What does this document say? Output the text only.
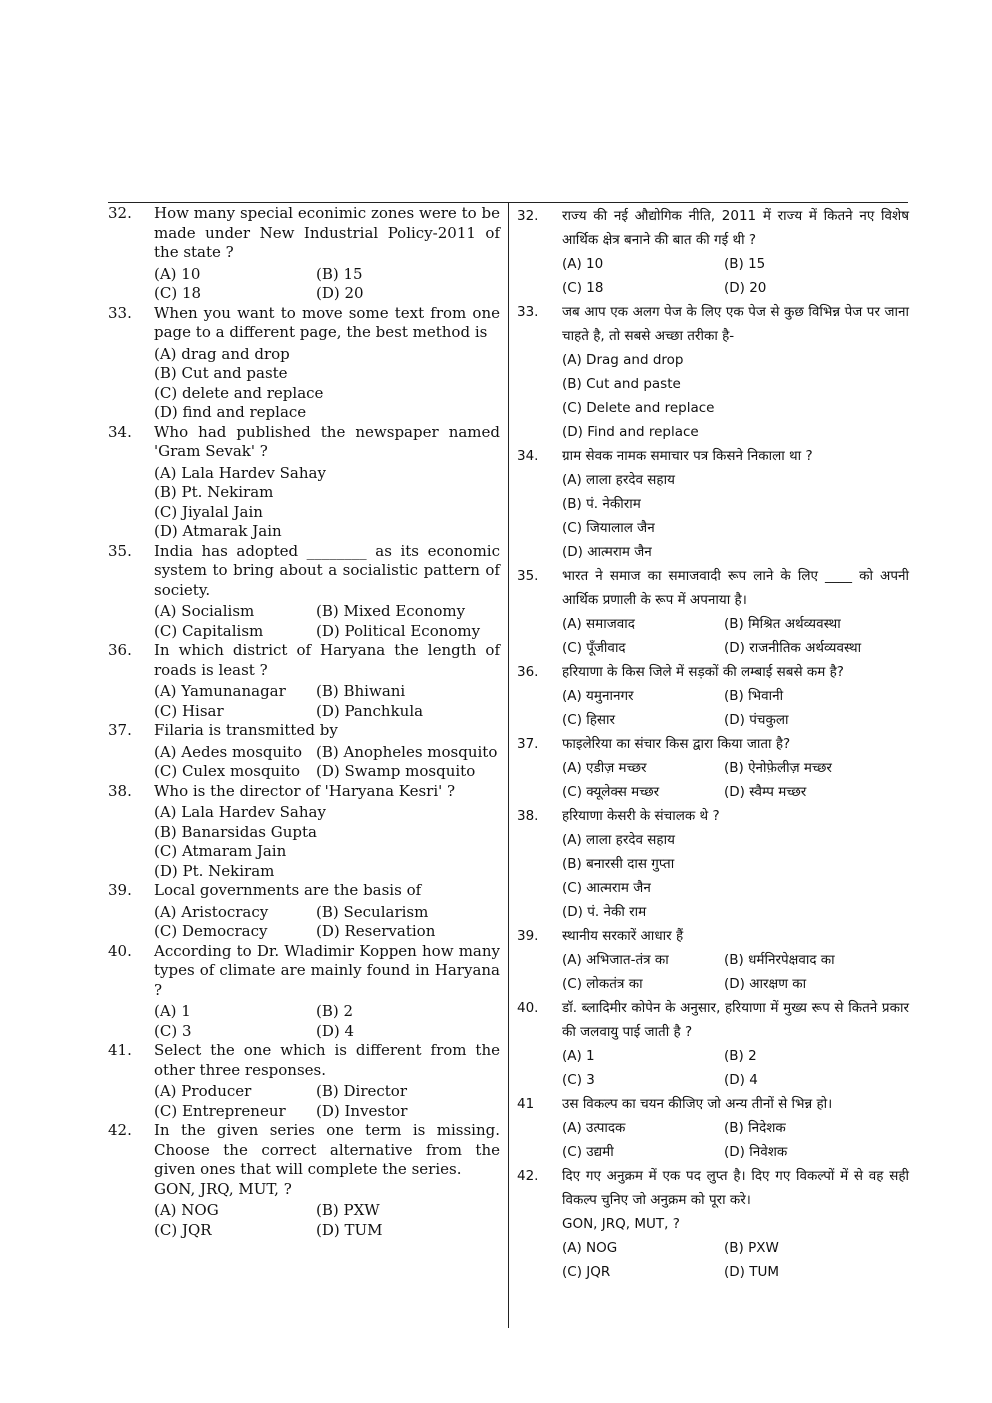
32. How many special econimic zones were to be made under New Industrial Policy-2011 of the state ?
(A) 10	(B) 15
(C) 18	(D) 20
33. When you want to move some text from one page to a different page, the best method is
(A) drag and drop
(B) Cut and paste
(C) delete and replace
(D) find and replace
34. Who had published the newspaper named 'Gram Sevak' ?
(A) Lala Hardev Sahay
(B) Pt. Nekiram
(C) Jiyalal Jain
(D) Atmarak Jain
35. India has adopted ________ as its economic system to bring about a socialistic pattern of society.
(A) Socialism	(B) Mixed Economy
(C) Capitalism	(D) Political Economy
36. In which district of Haryana the length of roads is least ?
(A) Yamunanagar	(B) Bhiwani
(C) Hisar	(D) Panchkula
37. Filaria is transmitted by
(A) Aedes mosquito (B) Anopheles mosquito
(C) Culex mosquito	(D) Swamp mosquito
38. Who is the director of 'Haryana Kesri' ?
(A) Lala Hardev Sahay
(B) Banarsidas Gupta
(C) Atmaram Jain
(D) Pt. Nekiram
39. Local governments are the basis of
(A) Aristocracy	(B) Secularism
(C) Democracy	(D) Reservation
40. According to Dr. Wladimir Koppen how many types of climate are mainly found in Haryana ?
(A) 1	(B) 2
(C) 3	(D) 4
41. Select the one which is different from the other three responses.
(A) Producer	(B) Director
(C) Entrepreneur	(D) Investor
42. In the given series one term is missing. Choose the correct alternative from the given ones that will complete the series.
GON, JRQ, MUT, ?
(A) NOG	(B) PXW
(C) JQR	(D) TUM
32. राज्य की नई औद्योगिक नीति, 2011 में राज्य में कितने नए विशेष आर्थिक क्षेत्र बनाने की बात की गई थी ?
(A) 10	(B) 15
(C) 18	(D) 20
33. जब आप एक अलग पेज के लिए एक पेज से कुछ विभिन्न पेज पर जाना चाहते है, तो सबसे अच्छा तरीका है-
(A) Drag and drop
(B) Cut and paste
(C) Delete and replace
(D) Find and replace
34. ग्राम सेवक नामक समाचार पत्र किसने निकाला था ?
(A) लाला हरदेव सहाय
(B) पं. नेकीराम
(C) जियालाल जैन
(D) आत्मराम जैन
35. भारत ने समाज का समाजवादी रूप लाने के लिए ____ को अपनी आर्थिक प्रणाली के रूप में अपनाया है।
(A) समाजवाद	(B) मिश्रित अर्थव्यवस्था
(C) पूँजीवाद	(D) राजनीतिक अर्थव्यवस्था
36. हरियाणा के किस जिले में सड़कों की लम्बाई सबसे कम है?
(A) यमुनानगर	(B) भिवानी
(C) हिसार	(D) पंचकुला
37. फाइलेरिया का संचार किस द्वारा किया जाता है?
(A) एडीज़ मच्छर	(B) ऐनोफ़ेलीज़ मच्छर
(C) क्यूलेक्स मच्छर	(D) स्वैम्प मच्छर
38. हरियाणा केसरी के संचालक थे ?
(A) लाला हरदेव सहाय
(B) बनारसी दास गुप्ता
(C) आत्मराम जैन
(D) पं. नेकी राम
39. स्थानीय सरकारें आधार हैं
(A) अभिजात-तंत्र का	(B) धर्मनिरपेक्षवाद का
(C) लोकतंत्र का	(D) आरक्षण का
40. डॉ. ब्लादिमीर कोपेन के अनुसार, हरियाणा में मुख्य रूप से कितने प्रकार की जलवायु पाई जाती है ?
(A) 1	(B) 2
(C) 3	(D) 4
41 उस विकल्प का चयन कीजिए जो अन्य तीनों से भिन्न हो।
(A) उत्पादक	(B) निदेशक
(C) उद्यमी	(D) निवेशक
42. दिए गए अनुक्रम में एक पद लुप्त है। दिए गए विकल्पों में से वह सही विकल्प चुनिए जो अनुक्रम को पूरा करे।
GON, JRQ, MUT, ?
(A) NOG	(B) PXW
(C) JQR	(D) TUM
